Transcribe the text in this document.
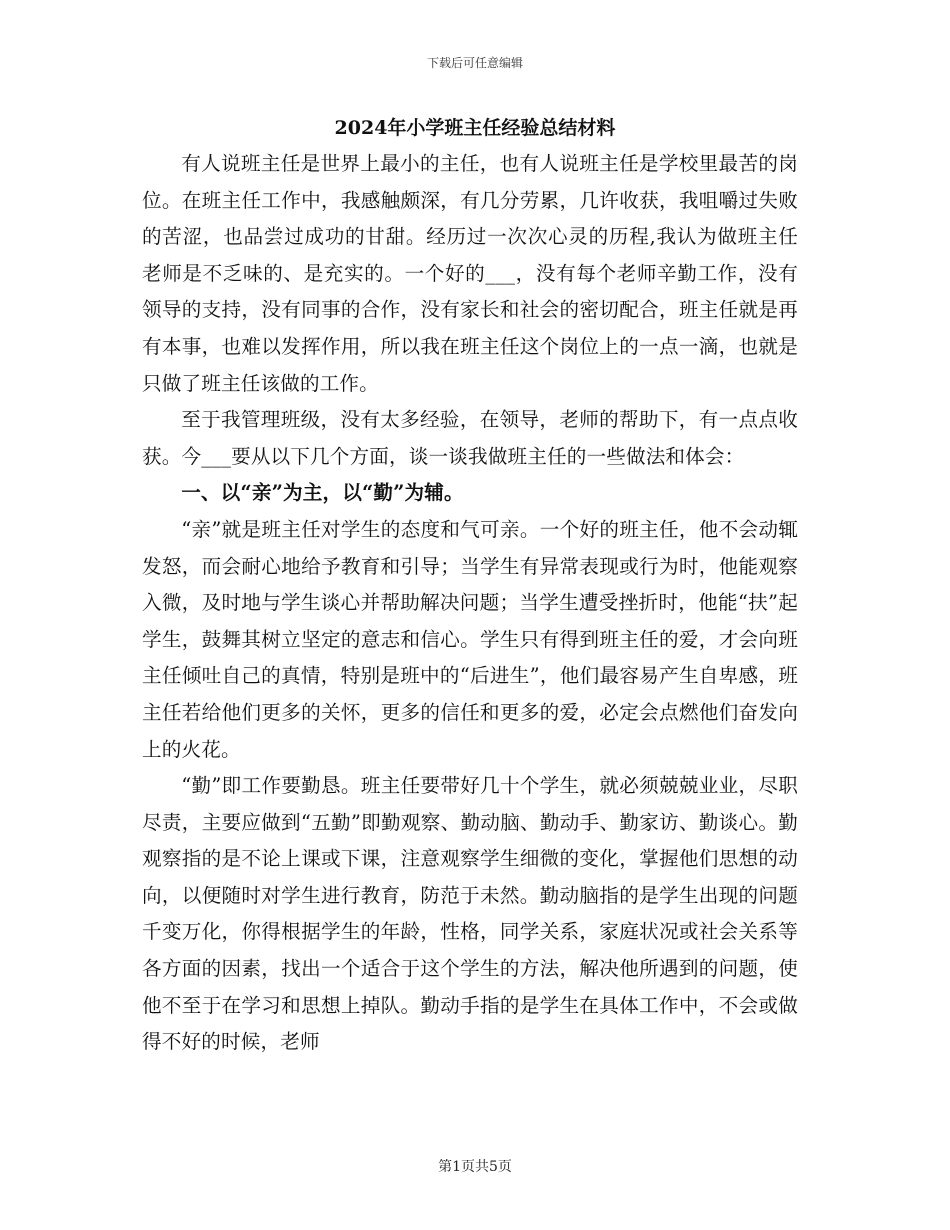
下载后可任意编辑
2024年小学班主任经验总结材料

有人说班主任是世界上最小的主任，也有人说班主任是学校里最苦的岗位。在班主任工作中，我感触颇深，有几分劳累，几许收获，我咀嚼过失败的苦涩，也品尝过成功的甘甜。经历过一次次心灵的历程,我认为做班主任老师是不乏味的、是充实的。一个好的___，没有每个老师辛勤工作，没有领导的支持，没有同事的合作，没有家长和社会的密切配合，班主任就是再有本事，也难以发挥作用，所以我在班主任这个岗位上的一点一滴，也就是只做了班主任该做的工作。

至于我管理班级，没有太多经验，在领导，老师的帮助下，有一点点收获。今___要从以下几个方面，谈一谈我做班主任的一些做法和体会：

一、以“亲”为主，以“勤”为辅。

“亲”就是班主任对学生的态度和气可亲。一个好的班主任，他不会动辄发怒，而会耐心地给予教育和引导；当学生有异常表现或行为时，他能观察入微，及时地与学生谈心并帮助解决问题；当学生遭受挫折时，他能“扶”起学生，鼓舞其树立坚定的意志和信心。学生只有得到班主任的爱，才会向班主任倾吐自己的真情，特别是班中的“后进生”，他们最容易产生自卑感，班主任若给他们更多的关怀，更多的信任和更多的爱，必定会点燃他们奋发向上的火花。

“勤”即工作要勤恳。班主任要带好几十个学生，就必须兢兢业业，尽职尽责，主要应做到“五勤”即勤观察、勤动脑、勤动手、勤家访、勤谈心。勤观察指的是不论上课或下课，注意观察学生细微的变化，掌握他们思想的动向，以便随时对学生进行教育，防范于未然。勤动脑指的是学生出现的问题千变万化，你得根据学生的年龄，性格，同学关系，家庭状况或社会关系等各方面的因素，找出一个适合于这个学生的方法，解决他所遇到的问题，使他不至于在学习和思想上掉队。勤动手指的是学生在具体工作中，不会或做得不好的时候，老师

第1页共5页
